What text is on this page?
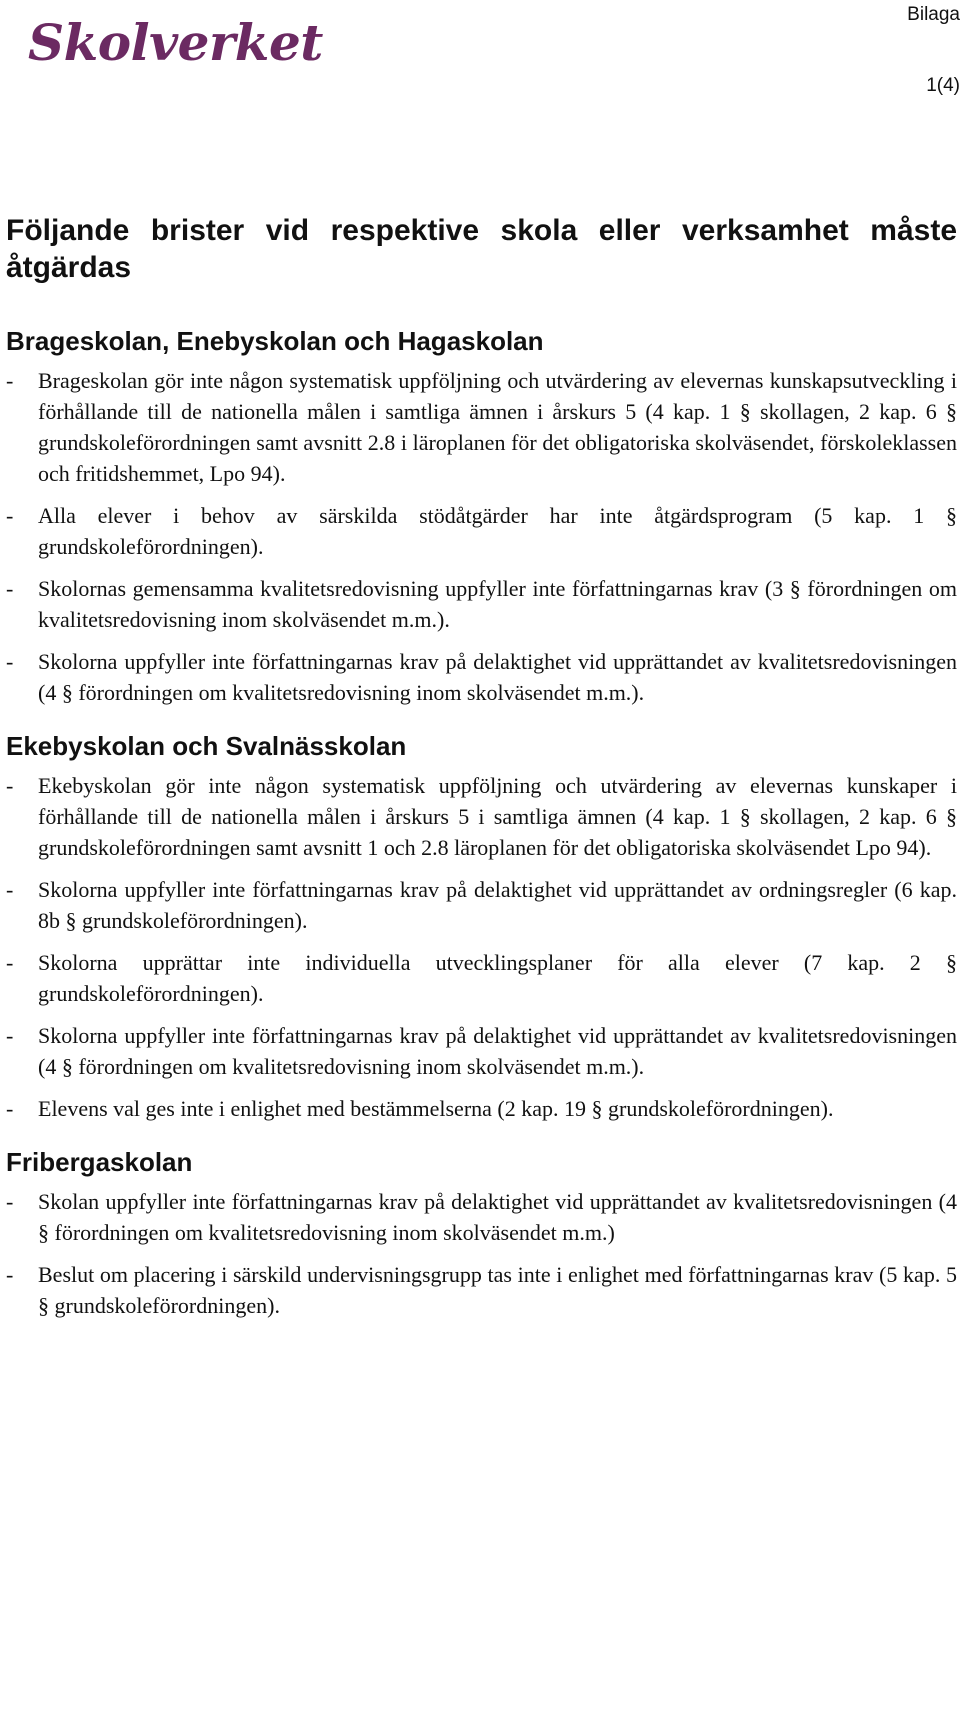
Skolverket	Bilaga
1(4)
Följande brister vid respektive skola eller verksamhet måste åtgärdas
Brageskolan, Enebyskolan och Hagaskolan
- Brageskolan gör inte någon systematisk uppföljning och utvärdering av elevernas kunskapsutveckling i förhållande till de nationella målen i samtliga ämnen i årskurs 5 (4 kap. 1 § skollagen, 2 kap. 6 § grundskoleförordningen samt avsnitt 2.8 i läroplanen för det obligatoriska skolväsendet, förskoleklassen och fritidshemmet, Lpo 94).
- Alla elever i behov av särskilda stödåtgärder har inte åtgärdsprogram (5 kap. 1 § grundskoleförordningen).
- Skolornas gemensamma kvalitetsredovisning uppfyller inte författningarnas krav (3 § förordningen om kvalitetsredovisning inom skolväsendet m.m.).
- Skolorna uppfyller inte författningarnas krav på delaktighet vid upprättandet av kvalitetsredovisningen (4 § förordningen om kvalitetsredovisning inom skolväsendet m.m.).
Ekebyskolan och Svalnässkolan
- Ekebyskolan gör inte någon systematisk uppföljning och utvärdering av elevernas kunskaper i förhållande till de nationella målen i årskurs 5 i samtliga ämnen (4 kap. 1 § skollagen, 2 kap. 6 § grundskoleförordningen samt avsnitt 1 och 2.8 läroplanen för det obligatoriska skolväsendet Lpo 94).
- Skolorna uppfyller inte författningarnas krav på delaktighet vid upprättandet av ordningsregler (6 kap. 8b § grundskoleförordningen).
- Skolorna upprättar inte individuella utvecklingsplaner för alla elever (7 kap. 2 § grundskoleförordningen).
- Skolorna uppfyller inte författningarnas krav på delaktighet vid upprättandet av kvalitetsredovisningen (4 § förordningen om kvalitetsredovisning inom skolväsendet m.m.).
- Elevens val ges inte i enlighet med bestämmelserna (2 kap. 19 § grundskoleförordningen).
Fribergaskolan
- Skolan uppfyller inte författningarnas krav på delaktighet vid upprättandet av kvalitetsredovisningen (4 § förordningen om kvalitetsredovisning inom skolväsendet m.m.)
- Beslut om placering i särskild undervisningsgrupp tas inte i enlighet med författningarnas krav (5 kap. 5 § grundskoleförordningen).
